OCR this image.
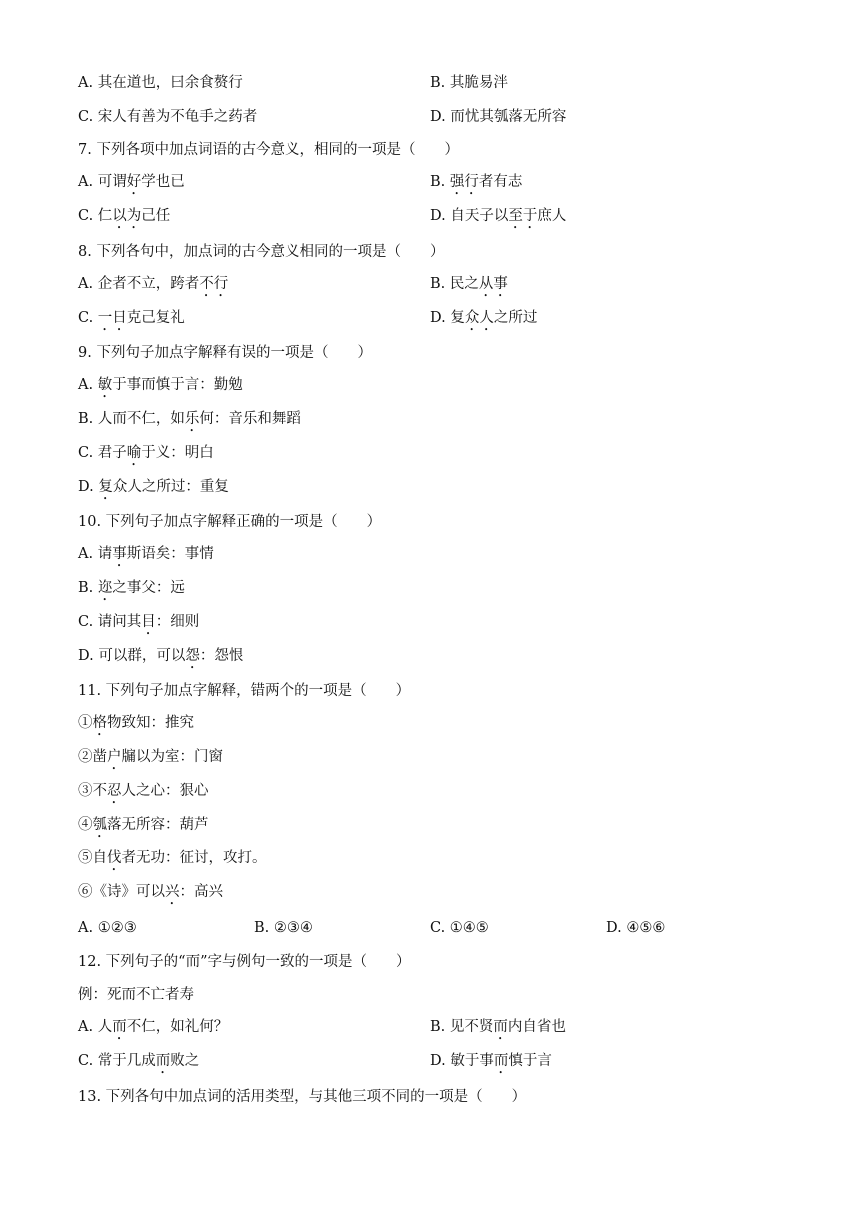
A. 其在道也，曰余食赘行	B. 其脆易泮
C. 宋人有善为不龟手之药者	D. 而忧其瓠落无所容
7. 下列各项中加点词语的古今意义，相同的一项是（　　）
A. 可谓好学也已	B. 强行者有志
C. 仁以为己任	D. 自天子以至于庶人
8. 下列各句中，加点词的古今意义相同的一项是（　　）
A. 企者不立，跨者不行	B. 民之从事
C. 一日克己复礼	D. 复众人之所过
9. 下列句子加点字解释有误的一项是（　　）
A. 敏于事而慎于言：勤勉
B. 人而不仁，如乐何：音乐和舞蹈
C. 君子喻于义：明白
D. 复众人之所过：重复
10. 下列句子加点字解释正确的一项是（　　）
A. 请事斯语矣：事情
B. 迩之事父：远
C. 请问其目：细则
D. 可以群，可以怨：怨恨
11. 下列句子加点字解释，错两个的一项是（　　）
①格物致知：推究
②凿户牖以为室：门窗
③不忍人之心：狠心
④瓠落无所容：葫芦
⑤自伐者无功：征讨，攻打。
⑥《诗》可以兴：高兴
A. ①②③	B. ②③④	C. ①④⑤	D. ④⑤⑥
12. 下列句子的“而”字与例句一致的一项是（　　）
例：死而不亡者寿
A. 人而不仁，如礼何？	B. 见不贤而内自省也
C. 常于几成而败之	D. 敏于事而慎于言
13. 下列各句中加点词的活用类型，与其他三项不同的一项是（　　）
